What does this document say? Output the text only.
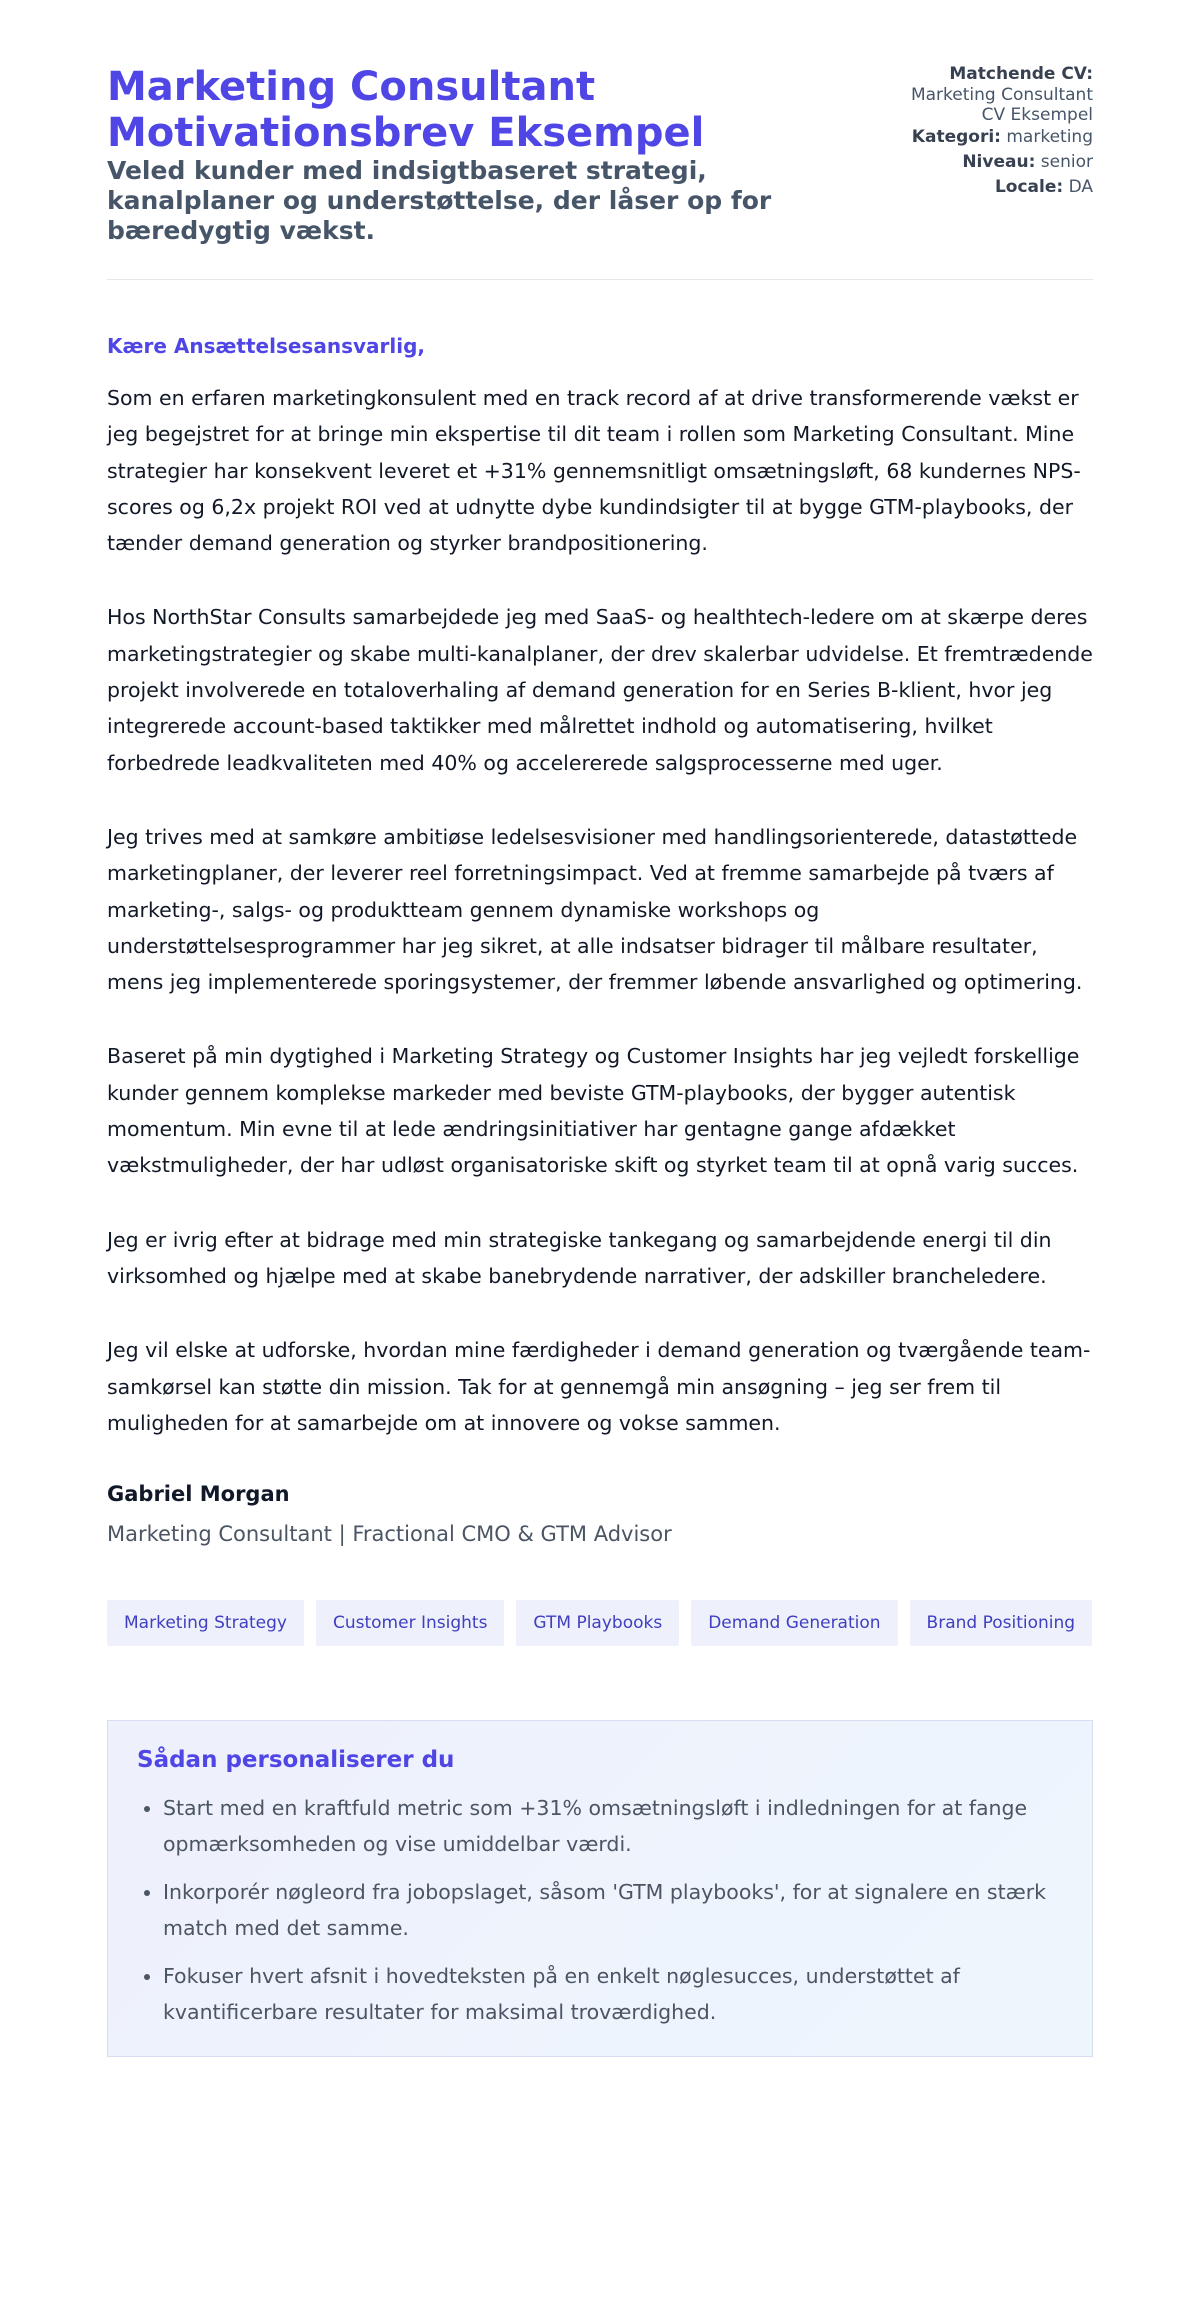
Marketing Consultant
Motivationsbrev Eksempel
Veled kunder med indsigtbaseret strategi, kanalplaner og understøttelse, der låser op for bæredygtig vækst.
Matchende CV:
Marketing Consultant
CV Eksempel
Kategori: marketing
Niveau: senior
Locale: DA
Kære Ansættelsesansvarlig,

Som en erfaren marketingkonsulent med en track record af at drive transformerende vækst er jeg begejstret for at bringe min ekspertise til dit team i rollen som Marketing Consultant. Mine strategier har konsekvent leveret et +31% gennemsnitligt omsætningsløft, 68 kundernes NPS-scores og 6,2x projekt ROI ved at udnytte dybe kundindsigter til at bygge GTM-playbooks, der tænder demand generation og styrker brandpositionering.

Hos NorthStar Consults samarbejdede jeg med SaaS- og healthtech-ledere om at skærpe deres marketingstrategier og skabe multi-kanalplaner, der drev skalerbar udvidelse. Et fremtrædende projekt involverede en totaloverhaling af demand generation for en Series B-klient, hvor jeg integrerede account-based taktikker med målrettet indhold og automatisering, hvilket forbedrede leadkvaliteten med 40% og accelererede salgsprocesserne med uger.

Jeg trives med at samkøre ambitiøse ledelsesvisioner med handlingsorienterede, datastøttede marketingplaner, der leverer reel forretningsimpact. Ved at fremme samarbejde på tværs af marketing-, salgs- og produktteam gennem dynamiske workshops og understøttelsesprogrammer har jeg sikret, at alle indsatser bidrager til målbare resultater, mens jeg implementerede sporingsystemer, der fremmer løbende ansvarlighed og optimering.

Baseret på min dygtighed i Marketing Strategy og Customer Insights har jeg vejledt forskellige kunder gennem komplekse markeder med beviste GTM-playbooks, der bygger autentisk momentum. Min evne til at lede ændringsinitiativer har gentagne gange afdækket vækstmuligheder, der har udløst organisatoriske skift og styrket team til at opnå varig succes.

Jeg er ivrig efter at bidrage med min strategiske tankegang og samarbejdende energi til din virksomhed og hjælpe med at skabe banebrydende narrativer, der adskiller brancheledere.

Jeg vil elske at udforske, hvordan mine færdigheder i demand generation og tværgående team-samkørsel kan støtte din mission. Tak for at gennemgå min ansøgning – jeg ser frem til muligheden for at samarbejde om at innovere og vokse sammen.

Gabriel Morgan
Marketing Consultant | Fractional CMO & GTM Advisor
Marketing Strategy	Customer Insights	GTM Playbooks	Demand Generation	Brand Positioning
Sådan personaliserer du
• Start med en kraftfuld metric som +31% omsætningsløft i indledningen for at fange opmærksomheden og vise umiddelbar værdi.
• Inkorporér nøgleord fra jobopslaget, såsom 'GTM playbooks', for at signalere en stærk match med det samme.
• Fokuser hvert afsnit i hovedteksten på en enkelt nøglesucces, understøttet af kvantificerbare resultater for maksimal troværdighed.
